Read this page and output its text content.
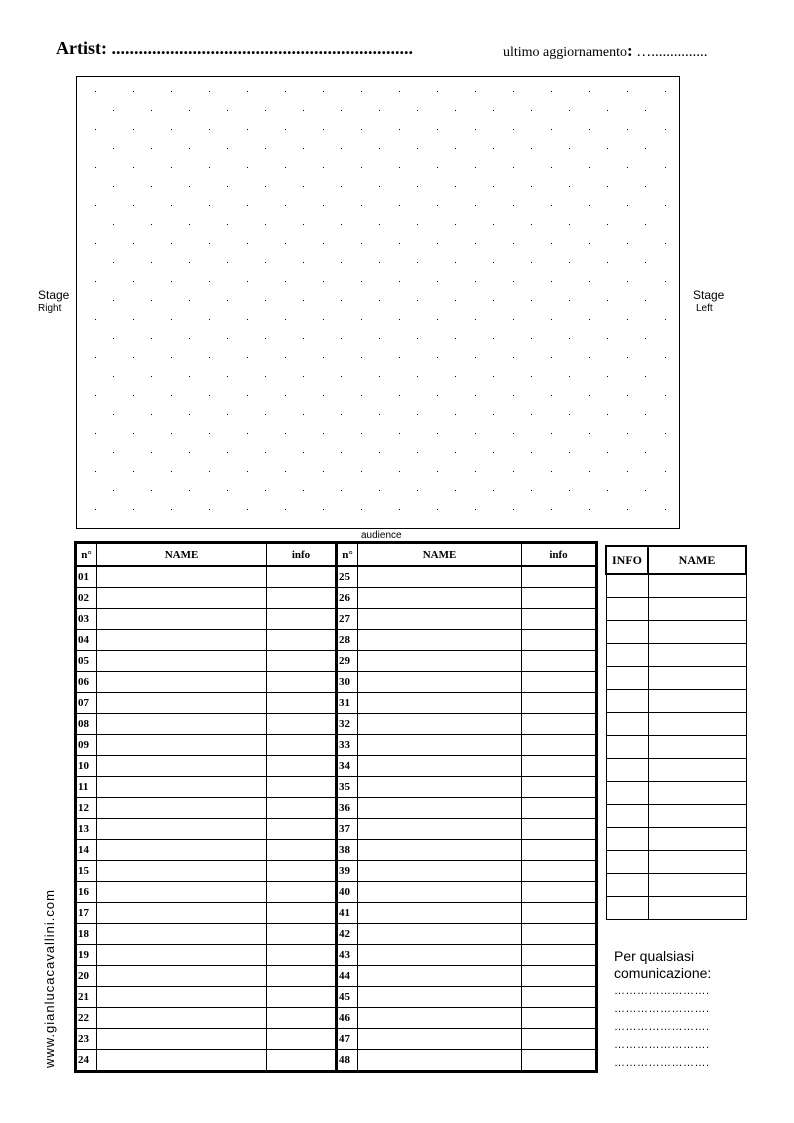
Artist: ...................................................................	ultimo aggiornamento: …...............
Stage
Right
Stage
Left
audience
n°	NAME	info	n°	NAME	info
01			25		
02			26		
03			27		
04			28		
05			29		
06			30		
07			31		
08			32		
09			33		
10			34		
11			35		
12			36		
13			37		
14			38		
15			39		
16			40		
17			41		
18			42		
19			43		
20			44		
21			45		
22			46		
23			47		
24			48		
INFO	NAME

Per qualsiasi
comunicazione:
…………………….
…………………….
…………………….
…………………….
…………………….
www.gianlucacavallini.com
